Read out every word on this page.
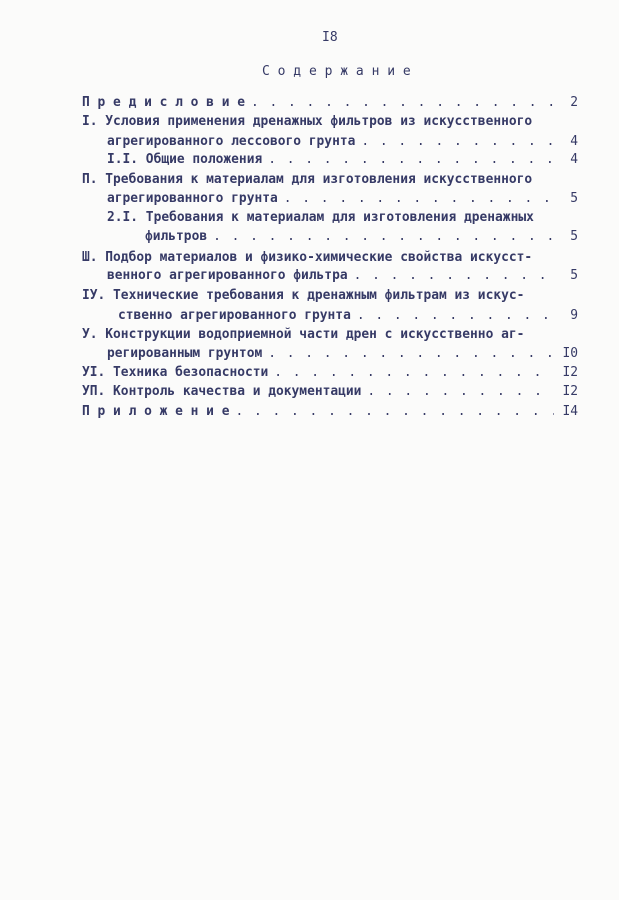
I8
С о д е р ж а н и е
П р е д и с л о в и е . . .	2
I. Условия применения дренажных фильтров из искусственного
агрегированного лессового грунта . . .	4
I.I. Общие положения . . .	4
П. Требования к материалам для изготовления искусственного
агрегированного грунта . . .	5
2.I. Требования к материалам для изготовления дренажных
фильтров . . .	5
Ш. Подбор материалов и физико-химические свойства искусст-
венного агрегированного фильтра . . .	5
IУ. Технические требования к дренажным фильтрам из искус-
ственно агрегированного грунта . . .	9
У. Конструкции водоприемной части дрен с искусственно аг-
регированным грунтом . . .	I0
УI. Техника безопасности . . .	I2
УП. Контроль качества и документации . . .	I2
П р и л о ж е н и е . . .	I4
